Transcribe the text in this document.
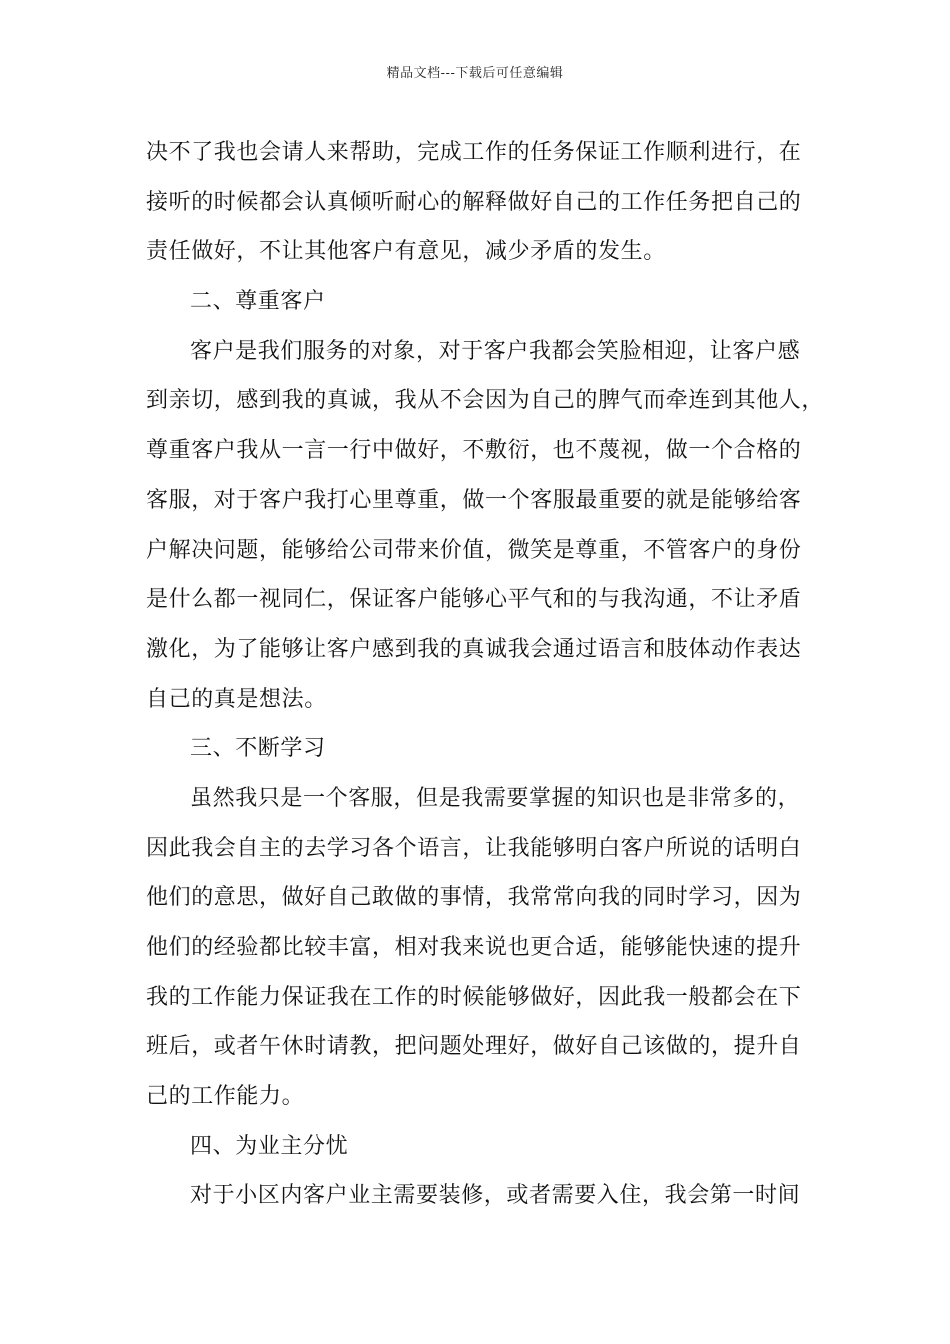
精品文档---下载后可任意编辑
决不了我也会请人来帮助，完成工作的任务保证工作顺利进行，在
接听的时候都会认真倾听耐心的解释做好自己的工作任务把自己的
责任做好，不让其他客户有意见，减少矛盾的发生。
二、尊重客户
客户是我们服务的对象，对于客户我都会笑脸相迎，让客户感
到亲切，感到我的真诚，我从不会因为自己的脾气而牵连到其他人，
尊重客户我从一言一行中做好，不敷衍，也不蔑视，做一个合格的
客服，对于客户我打心里尊重，做一个客服最重要的就是能够给客
户解决问题，能够给公司带来价值，微笑是尊重，不管客户的身份
是什么都一视同仁，保证客户能够心平气和的与我沟通，不让矛盾
激化，为了能够让客户感到我的真诚我会通过语言和肢体动作表达
自己的真是想法。
三、不断学习
虽然我只是一个客服，但是我需要掌握的知识也是非常多的，
因此我会自主的去学习各个语言，让我能够明白客户所说的话明白
他们的意思，做好自己敢做的事情，我常常向我的同时学习，因为
他们的经验都比较丰富，相对我来说也更合适，能够能快速的提升
我的工作能力保证我在工作的时候能够做好，因此我一般都会在下
班后，或者午休时请教，把问题处理好，做好自己该做的，提升自
己的工作能力。
四、为业主分忧
对于小区内客户业主需要装修，或者需要入住，我会第一时间
